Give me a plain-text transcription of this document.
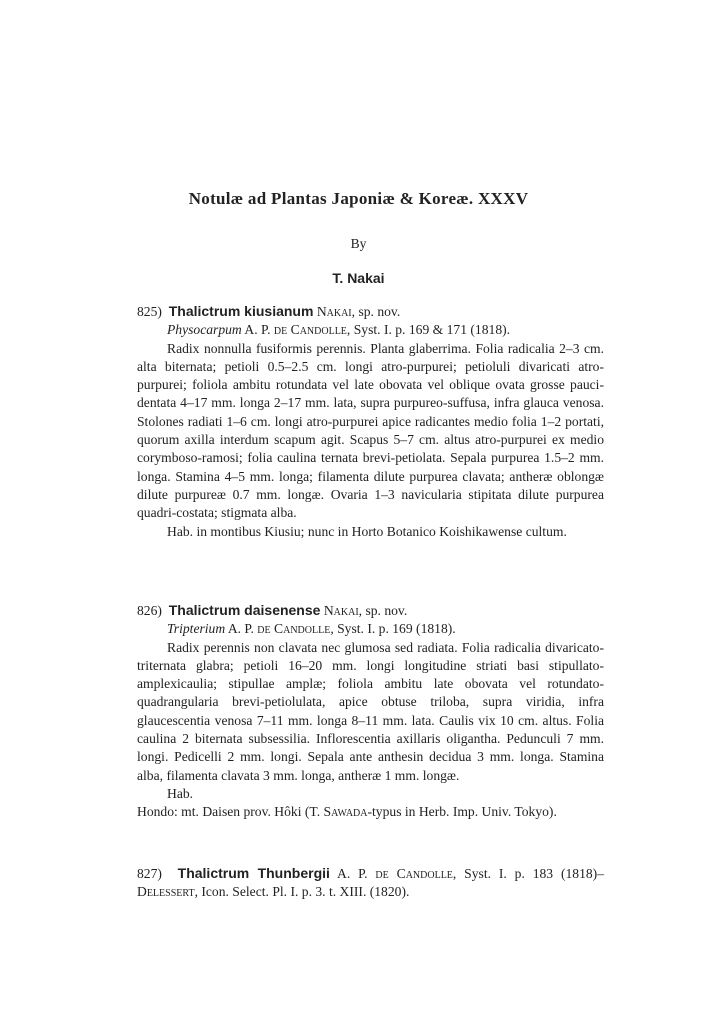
Notulæ ad Plantas Japoniæ & Koreæ. XXXV
By
T. Nakai

825) Thalictrum kiusianum Nakai, sp. nov.

Physocarpum A. P. de Candolle, Syst. I. p. 169 & 171 (1818).

Radix nonnulla fusiformis perennis. Planta glaberrima. Folia radicalia 2–3 cm. alta biternata; petioli 0.5–2.5 cm. longi atro-purpurei; petioluli divaricati atro-purpurei; foliola ambitu rotundata vel late obovata vel oblique ovata grosse pauci-dentata 4–17 mm. longa 2–17 mm. lata, supra purpureo-suffusa, infra glauca venosa. Stolones radiati 1–6 cm. longi atro-purpurei apice radicantes medio folia 1–2 portati, quorum axilla interdum scapum agit. Scapus 5–7 cm. altus atro-purpurei ex medio corymboso-ramosi; folia caulina ternata brevi-petiolata. Sepala purpurea 1.5–2 mm. longa. Stamina 4–5 mm. longa; filamenta dilute purpurea clavata; antheræ oblongæ dilute purpureæ 0.7 mm. longæ. Ovaria 1–3 navicularia stipitata dilute purpurea quadri-costata; stigmata alba.

Hab. in montibus Kiusiu; nunc in Horto Botanico Koishikawense cultum.

826) Thalictrum daisenense Nakai, sp. nov.

Tripterium A. P. de Candolle, Syst. I. p. 169 (1818).

Radix perennis non clavata nec glumosa sed radiata. Folia radicalia divaricato-triternata glabra; petioli 16–20 mm. longi longitudine striati basi stipullato-amplexicaulia; stipullae amplæ; foliola ambitu late obovata vel rotundato-quadrangularia brevi-petiolulata, apice obtuse triloba, supra viridia, infra glaucescentia venosa 7–11 mm. longa 8–11 mm. lata. Caulis vix 10 cm. altus. Folia caulina 2 biternata subsessilia. Inflorescentia axillaris oligantha. Pedunculi 7 mm. longi. Pedicelli 2 mm. longi. Sepala ante anthesin decidua 3 mm. longa. Stamina alba, filamenta clavata 3 mm. longa, antheræ 1 mm. longæ.

Hab.

Hondo: mt. Daisen prov. Hôki (T. Sawada-typus in Herb. Imp. Univ. Tokyo).

827) Thalictrum Thunbergii A. P. de Candolle, Syst. I. p. 183 (1818)–Delessert, Icon. Select. Pl. I. p. 3. t. XIII. (1820).
